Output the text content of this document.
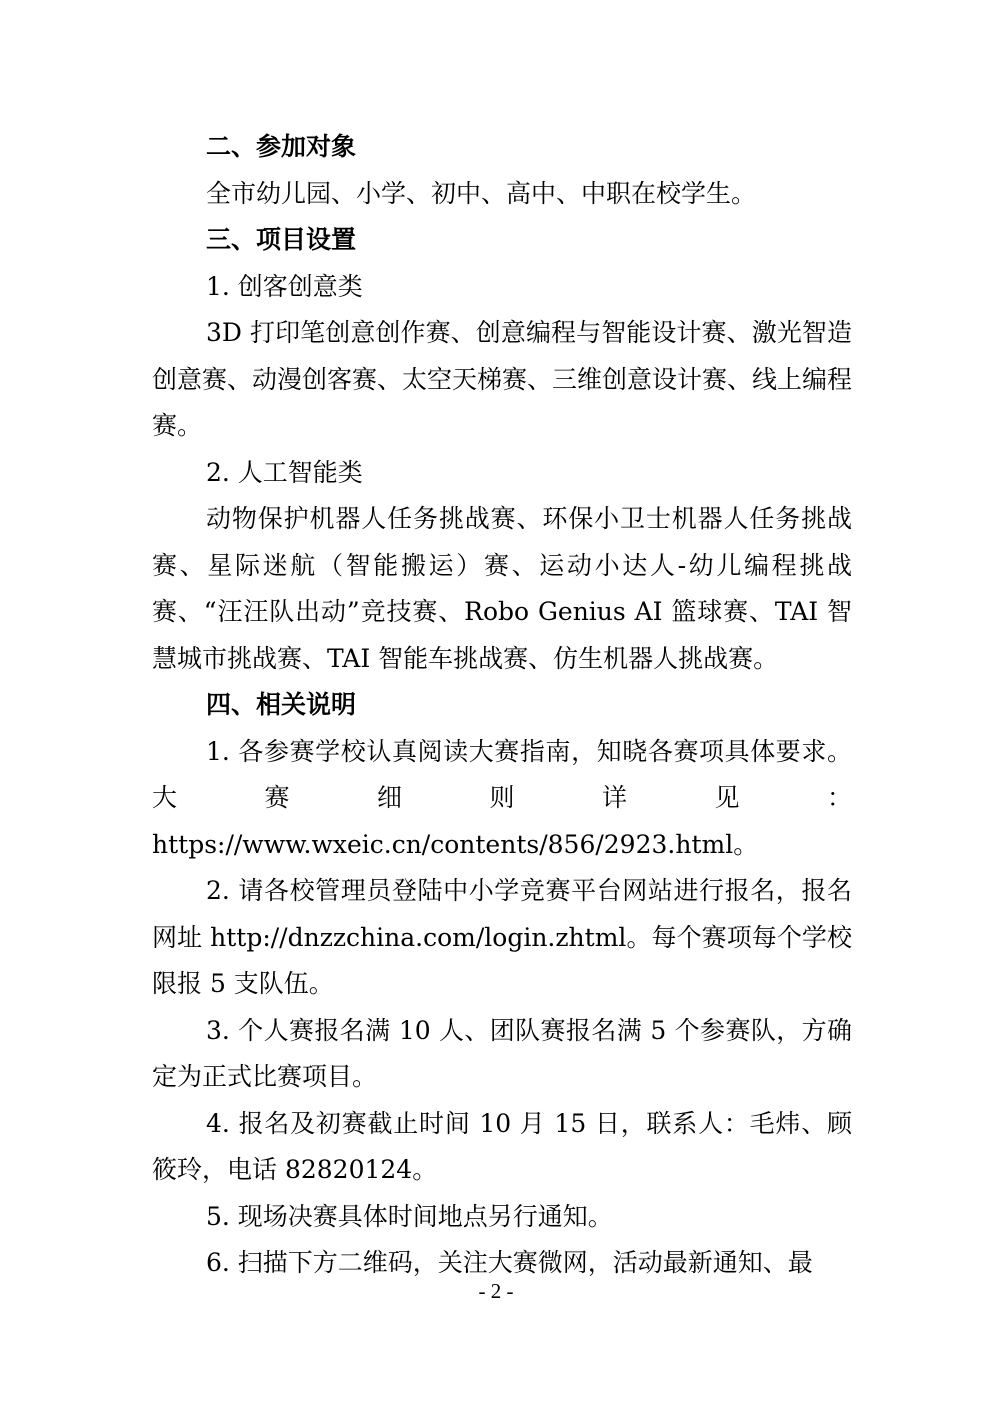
二、参加对象

全市幼儿园、小学、初中、高中、中职在校学生。

三、项目设置

1. 创客创意类

3D 打印笔创意创作赛、创意编程与智能设计赛、激光智造创意赛、动漫创客赛、太空天梯赛、三维创意设计赛、线上编程赛。

2. 人工智能类

动物保护机器人任务挑战赛、环保小卫士机器人任务挑战赛、星际迷航（智能搬运）赛、运动小达人-幼儿编程挑战赛、“汪汪队出动”竞技赛、Robo Genius AI 篮球赛、TAI 智慧城市挑战赛、TAI 智能车挑战赛、仿生机器人挑战赛。

四、相关说明

1. 各参赛学校认真阅读大赛指南，知晓各赛项具体要求。大赛细则详见：https://www.wxeic.cn/contents/856/2923.html。

2. 请各校管理员登陆中小学竞赛平台网站进行报名，报名网址 http://dnzzchina.com/login.zhtml。每个赛项每个学校限报 5 支队伍。

3. 个人赛报名满 10 人、团队赛报名满 5 个参赛队，方确定为正式比赛项目。

4. 报名及初赛截止时间 10 月 15 日，联系人：毛炜、顾筱玲，电话 82820124。

5. 现场决赛具体时间地点另行通知。

6. 扫描下方二维码，关注大赛微网，活动最新通知、最

- 2 -
